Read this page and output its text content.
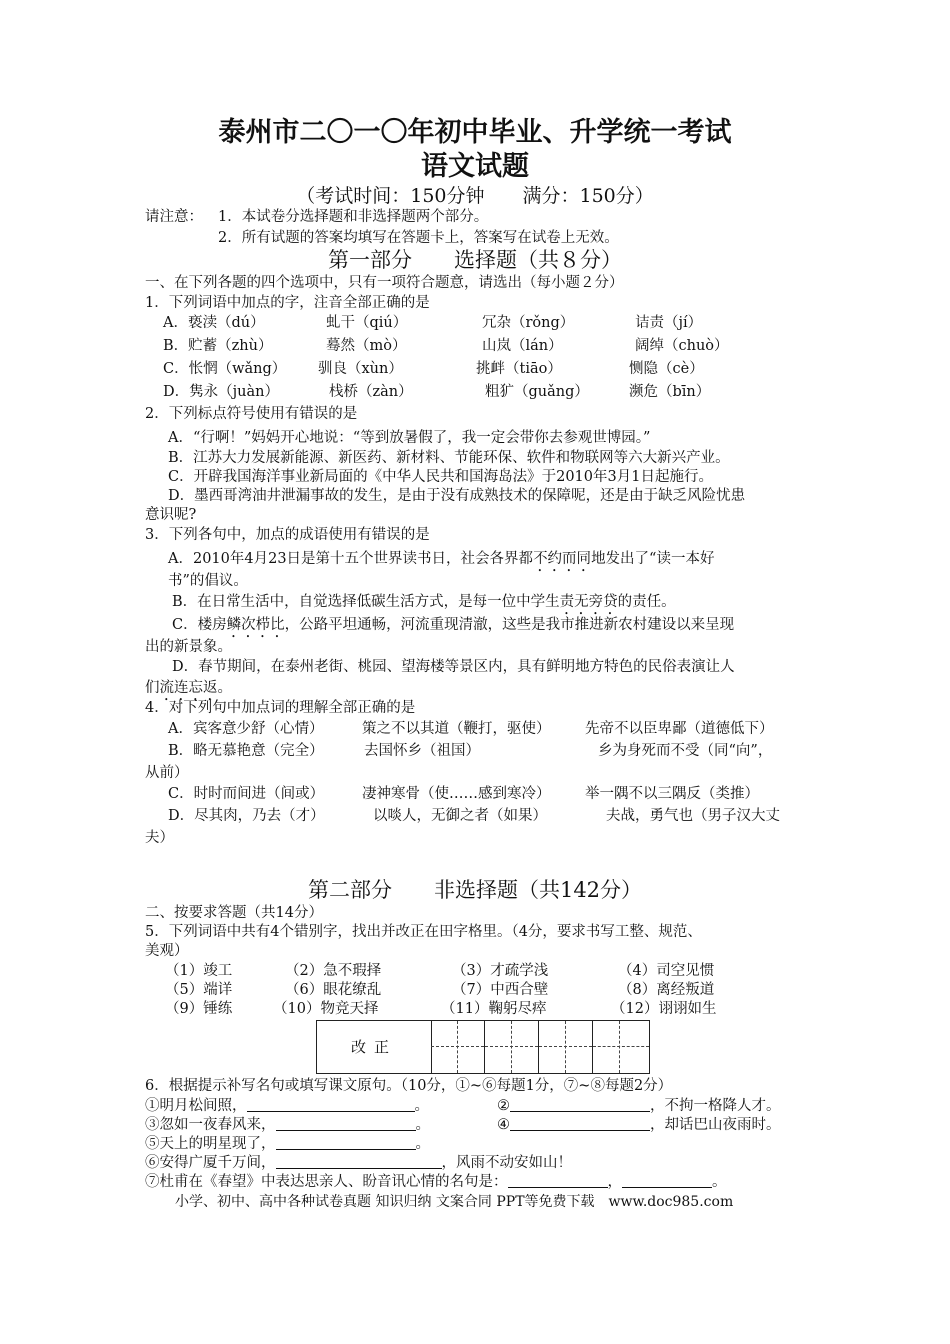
泰州市二〇一〇年初中毕业、升学统一考试
语文试题
（考试时间：150分钟　　满分：150分）
请注意： 1．本试卷分选择题和非选择题两个部分。
2．所有试题的答案均填写在答题卡上，答案写在试卷上无效。
第一部分　　选择题（共８分）
一、在下列各题的四个选项中，只有一项符合题意，请选出（每小题２分）
1．下列词语中加点的字，注音全部正确的是
A．亵渎（dú）	虬干（qiú）	冗杂（rǒng）	诘责（jí）
B．贮蓄（zhù）	蓦然（mò）	山岚（lán）	阔绰（chuò）
C．怅惘（wǎng） 驯良（xùn）	挑衅（tiāo）	恻隐（cè）
D．隽永（juàn）	栈桥（zàn）	粗犷（guǎng）	濒危（bīn）
2．下列标点符号使用有错误的是
A．“行啊！”妈妈开心地说：“等到放暑假了，我一定会带你去参观世博园。”
B．江苏大力发展新能源、新医药、新材料、节能环保、软件和物联网等六大新兴产业。
C．开辟我国海洋事业新局面的《中华人民共和国海岛法》于2010年3月1日起施行。
D．墨西哥湾油井泄漏事故的发生，是由于没有成熟技术的保障呢，还是由于缺乏风险忧患
意识呢?
3．下列各句中，加点的成语使用有错误的是
A．2010年4月23日是第十五个世界读书日，社会各界都不约而同地发出了“读一本好
书”的倡议。
B．在日常生活中，自觉选择低碳生活方式，是每一位中学生责无旁贷的责任。
C．楼房鳞次栉比，公路平坦通畅，河流重现清澈，这些是我市推进新农村建设以来呈现
出的新景象。
D．春节期间，在泰州老街、桃园、望海楼等景区内，具有鲜明地方特色的民俗表演让人
们流连忘返。
4．对下列句中加点词的理解全部正确的是
A．宾客意少舒（心情）	策之不以其道（鞭打，驱使） 先帝不以臣卑鄙（道德低下）
B．略无慕艳意（完全）	去国怀乡（祖国）	乡为身死而不受（同“向”，
从前）
C．时时而间进（间或）	凄神寒骨（使……感到寒冷） 举一隅不以三隅反（类推）
D．尽其肉，乃去（才）	以啖人，无御之者（如果）	夫战，勇气也（男子汉大丈
夫）
第二部分　　非选择题（共142分）
二、按要求答题（共14分）
5．下列词语中共有4个错别字，找出并改正在田字格里。（4分，要求书写工整、规范、
美观）
（1）竣工	（2）急不瑕择	（3）才疏学浅	（4）司空见惯
（5）端详	（6）眼花缭乱	（7）中西合壁	（8）离经叛道
（9）锤练	（10）物竞天择	（11）鞠躬尽瘁	（12）诩诩如生
改正
6．根据提示补写名句或填写课文原句。（10分，①~⑥每题1分，⑦~⑧每题2分）
①明月松间照，	。	②	，不拘一格降人才。
③忽如一夜春风来，	。	④	，却话巴山夜雨时。
⑤天上的明星现了，	。
⑥安得广厦千万间，	，风雨不动安如山！
⑦杜甫在《春望》中表达思亲人、盼音讯心情的名句是：	，	。
小学、初中、高中各种试卷真题 知识归纳 文案合同 PPT等免费下载　www.doc985.com
